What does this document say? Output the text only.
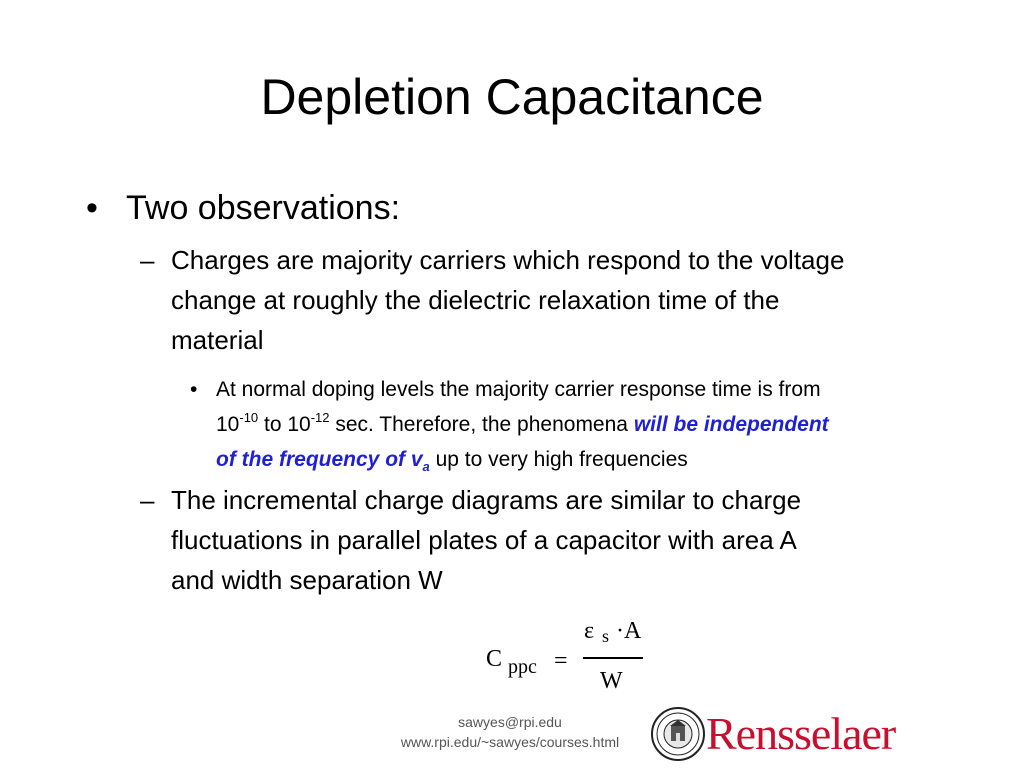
Depletion Capacitance
• Two observations:
– Charges are majority carriers which respond to the voltage
change at roughly the dielectric relaxation time of the
material
• At normal doping levels the majority carrier response time is from
$10^{-10}$ to $10^{-12}$ sec. Therefore, the phenomena will be independent
of the frequency of $v_a$ up to very high frequencies
– The incremental charge diagrams are similar to charge
fluctuations in parallel plates of a capacitor with area A
and width separation W
C ppc =
ε s ·A
W
sawyes@rpi.edu
www.rpi.edu/~sawyes/courses.html	Rensselaer
